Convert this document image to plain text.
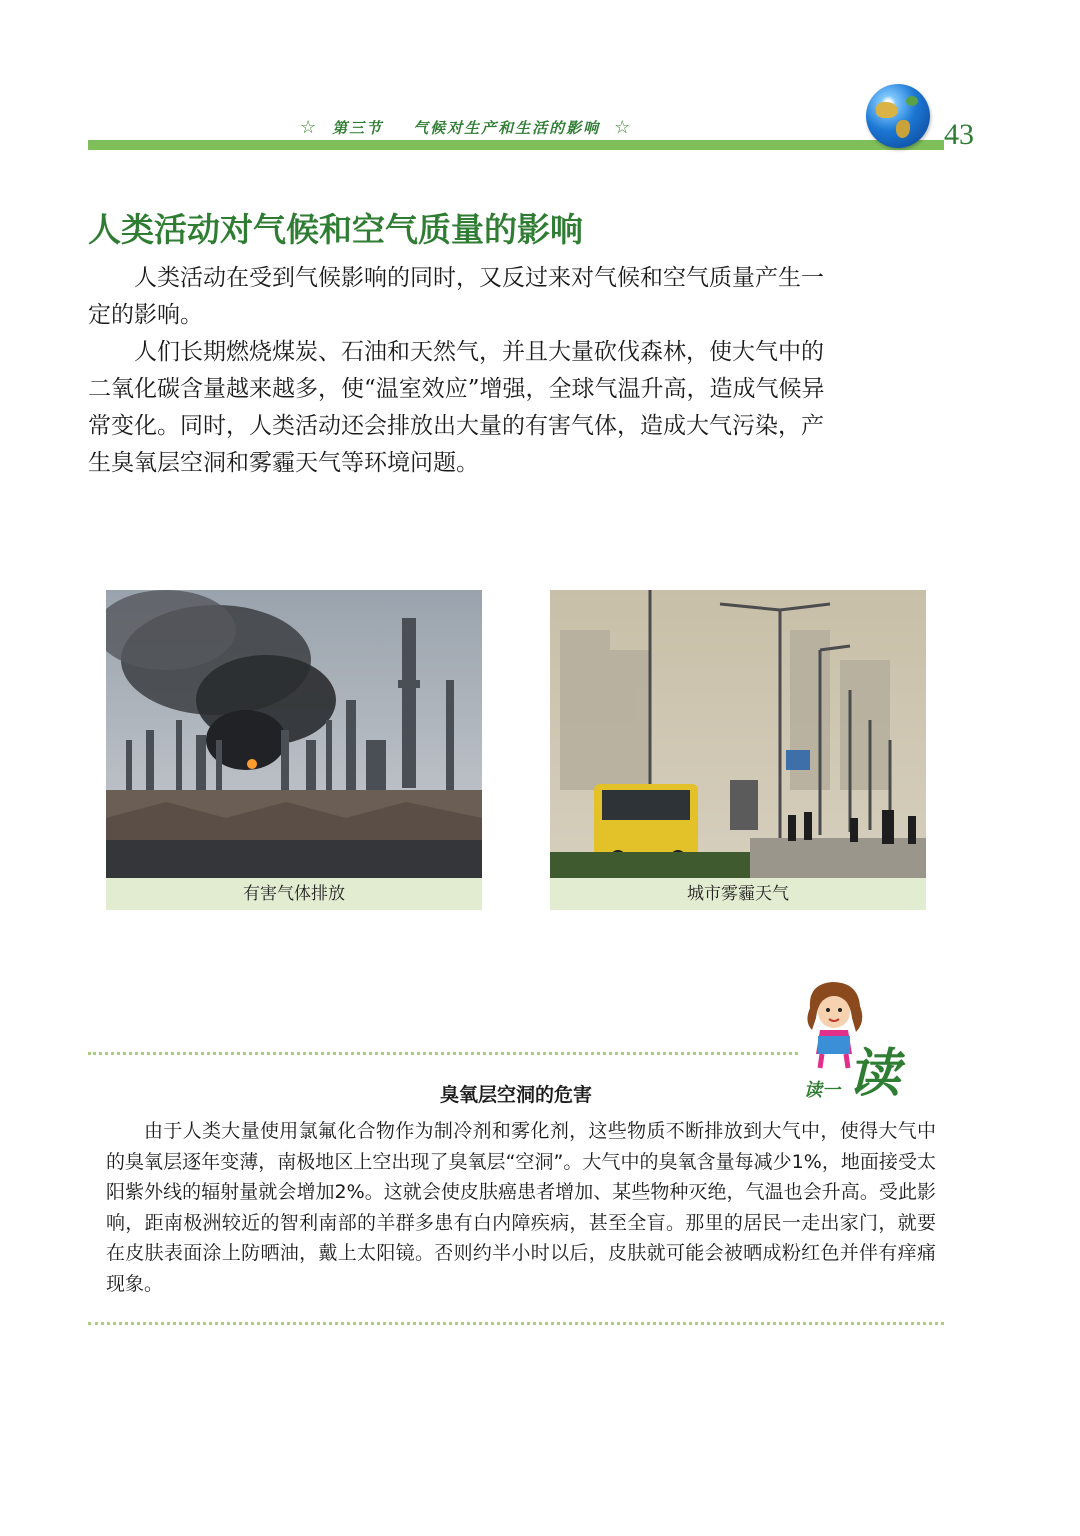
☆ 第三节 气候对生产和生活的影响 ☆	43
人类活动对气候和空气质量的影响

人类活动在受到气候影响的同时，又反过来对气候和空气质量产生一定的影响。

人们长期燃烧煤炭、石油和天然气，并且大量砍伐森林，使大气中的二氧化碳含量越来越多，使“温室效应”增强，全球气温升高，造成气候异常变化。同时，人类活动还会排放出大量的有害气体，造成大气污染，产生臭氧层空洞和雾霾天气等环境问题。

有害气体排放	城市雾霾天气
读一 读
臭氧层空洞的危害

由于人类大量使用氯氟化合物作为制冷剂和雾化剂，这些物质不断排放到大气中，使得大气中的臭氧层逐年变薄，南极地区上空出现了臭氧层“空洞”。大气中的臭氧含量每减少1%，地面接受太阳紫外线的辐射量就会增加2%。这就会使皮肤癌患者增加、某些物种灭绝，气温也会升高。受此影响，距南极洲较近的智利南部的羊群多患有白内障疾病，甚至全盲。那里的居民一走出家门，就要在皮肤表面涂上防晒油，戴上太阳镜。否则约半小时以后，皮肤就可能会被晒成粉红色并伴有痒痛现象。
